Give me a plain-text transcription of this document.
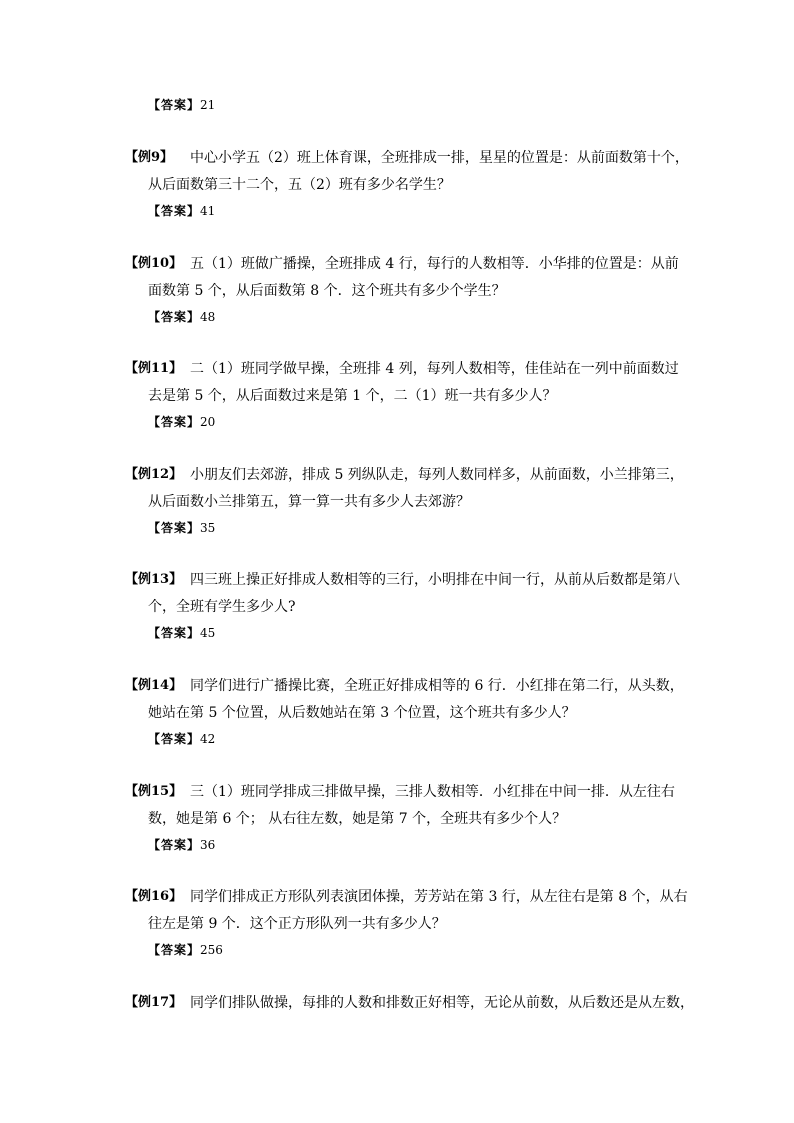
【答案】21
【例9】 中心小学五（2）班上体育课，全班排成一排，星星的位置是：从前面数第十个，
从后面数第三十二个，五（2）班有多少名学生？
【答案】41
【例10】 五（1）班做广播操，全班排成 4 行，每行的人数相等．小华排的位置是：从前
面数第 5 个，从后面数第 8 个．这个班共有多少个学生？
【答案】48
【例11】 二（1）班同学做早操，全班排 4 列，每列人数相等，佳佳站在一列中前面数过
去是第 5 个，从后面数过来是第 1 个，二（1）班一共有多少人？
【答案】20
【例12】 小朋友们去郊游，排成 5 列纵队走，每列人数同样多，从前面数，小兰排第三，
从后面数小兰排第五，算一算一共有多少人去郊游？
【答案】35
【例13】 四三班上操正好排成人数相等的三行，小明排在中间一行，从前从后数都是第八
个，全班有学生多少人?
【答案】45
【例14】 同学们进行广播操比赛，全班正好排成相等的 6 行．小红排在第二行，从头数，
她站在第 5 个位置，从后数她站在第 3 个位置，这个班共有多少人？
【答案】42
【例15】 三（1）班同学排成三排做早操，三排人数相等．小红排在中间一排．从左往右
数，她是第 6 个； 从右往左数，她是第 7 个，全班共有多少个人？
【答案】36
【例16】 同学们排成正方形队列表演团体操，芳芳站在第 3 行，从左往右是第 8 个，从右
往左是第 9 个．这个正方形队列一共有多少人？
【答案】256
【例17】 同学们排队做操，每排的人数和排数正好相等，无论从前数，从后数还是从左数，
